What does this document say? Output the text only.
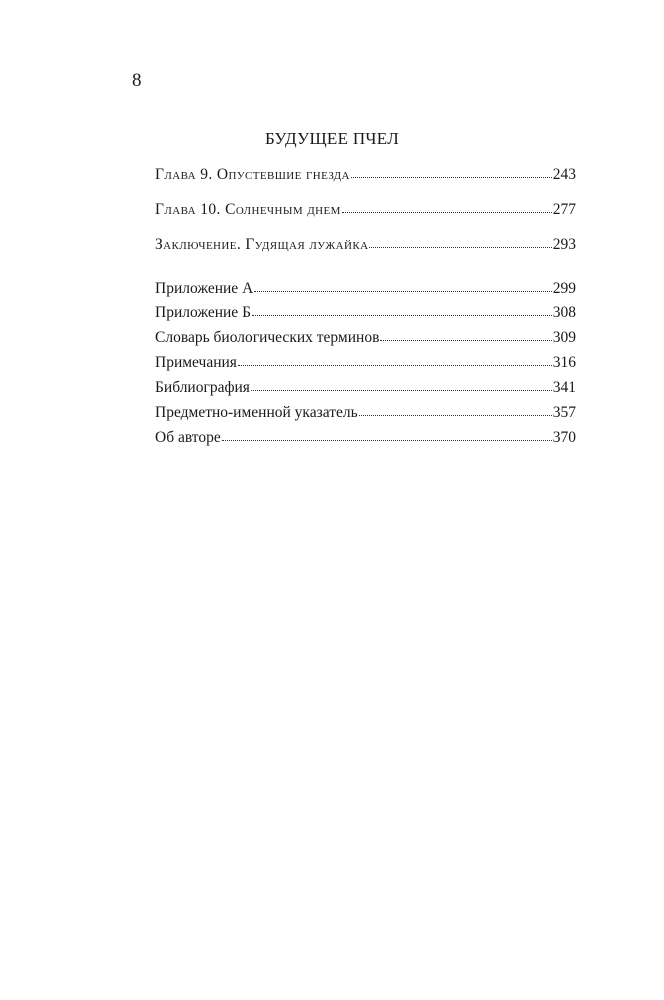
8
БУДУЩЕЕ ПЧЕЛ
Глава 9. Опустевшие гнезда	243
Глава 10. Солнечным днем	277
Заключение. Гудящая лужайка	293
Приложение А	299
Приложение Б	308
Словарь биологических терминов	309
Примечания	316
Библиография	341
Предметно-именной указатель	357
Об авторе	370
